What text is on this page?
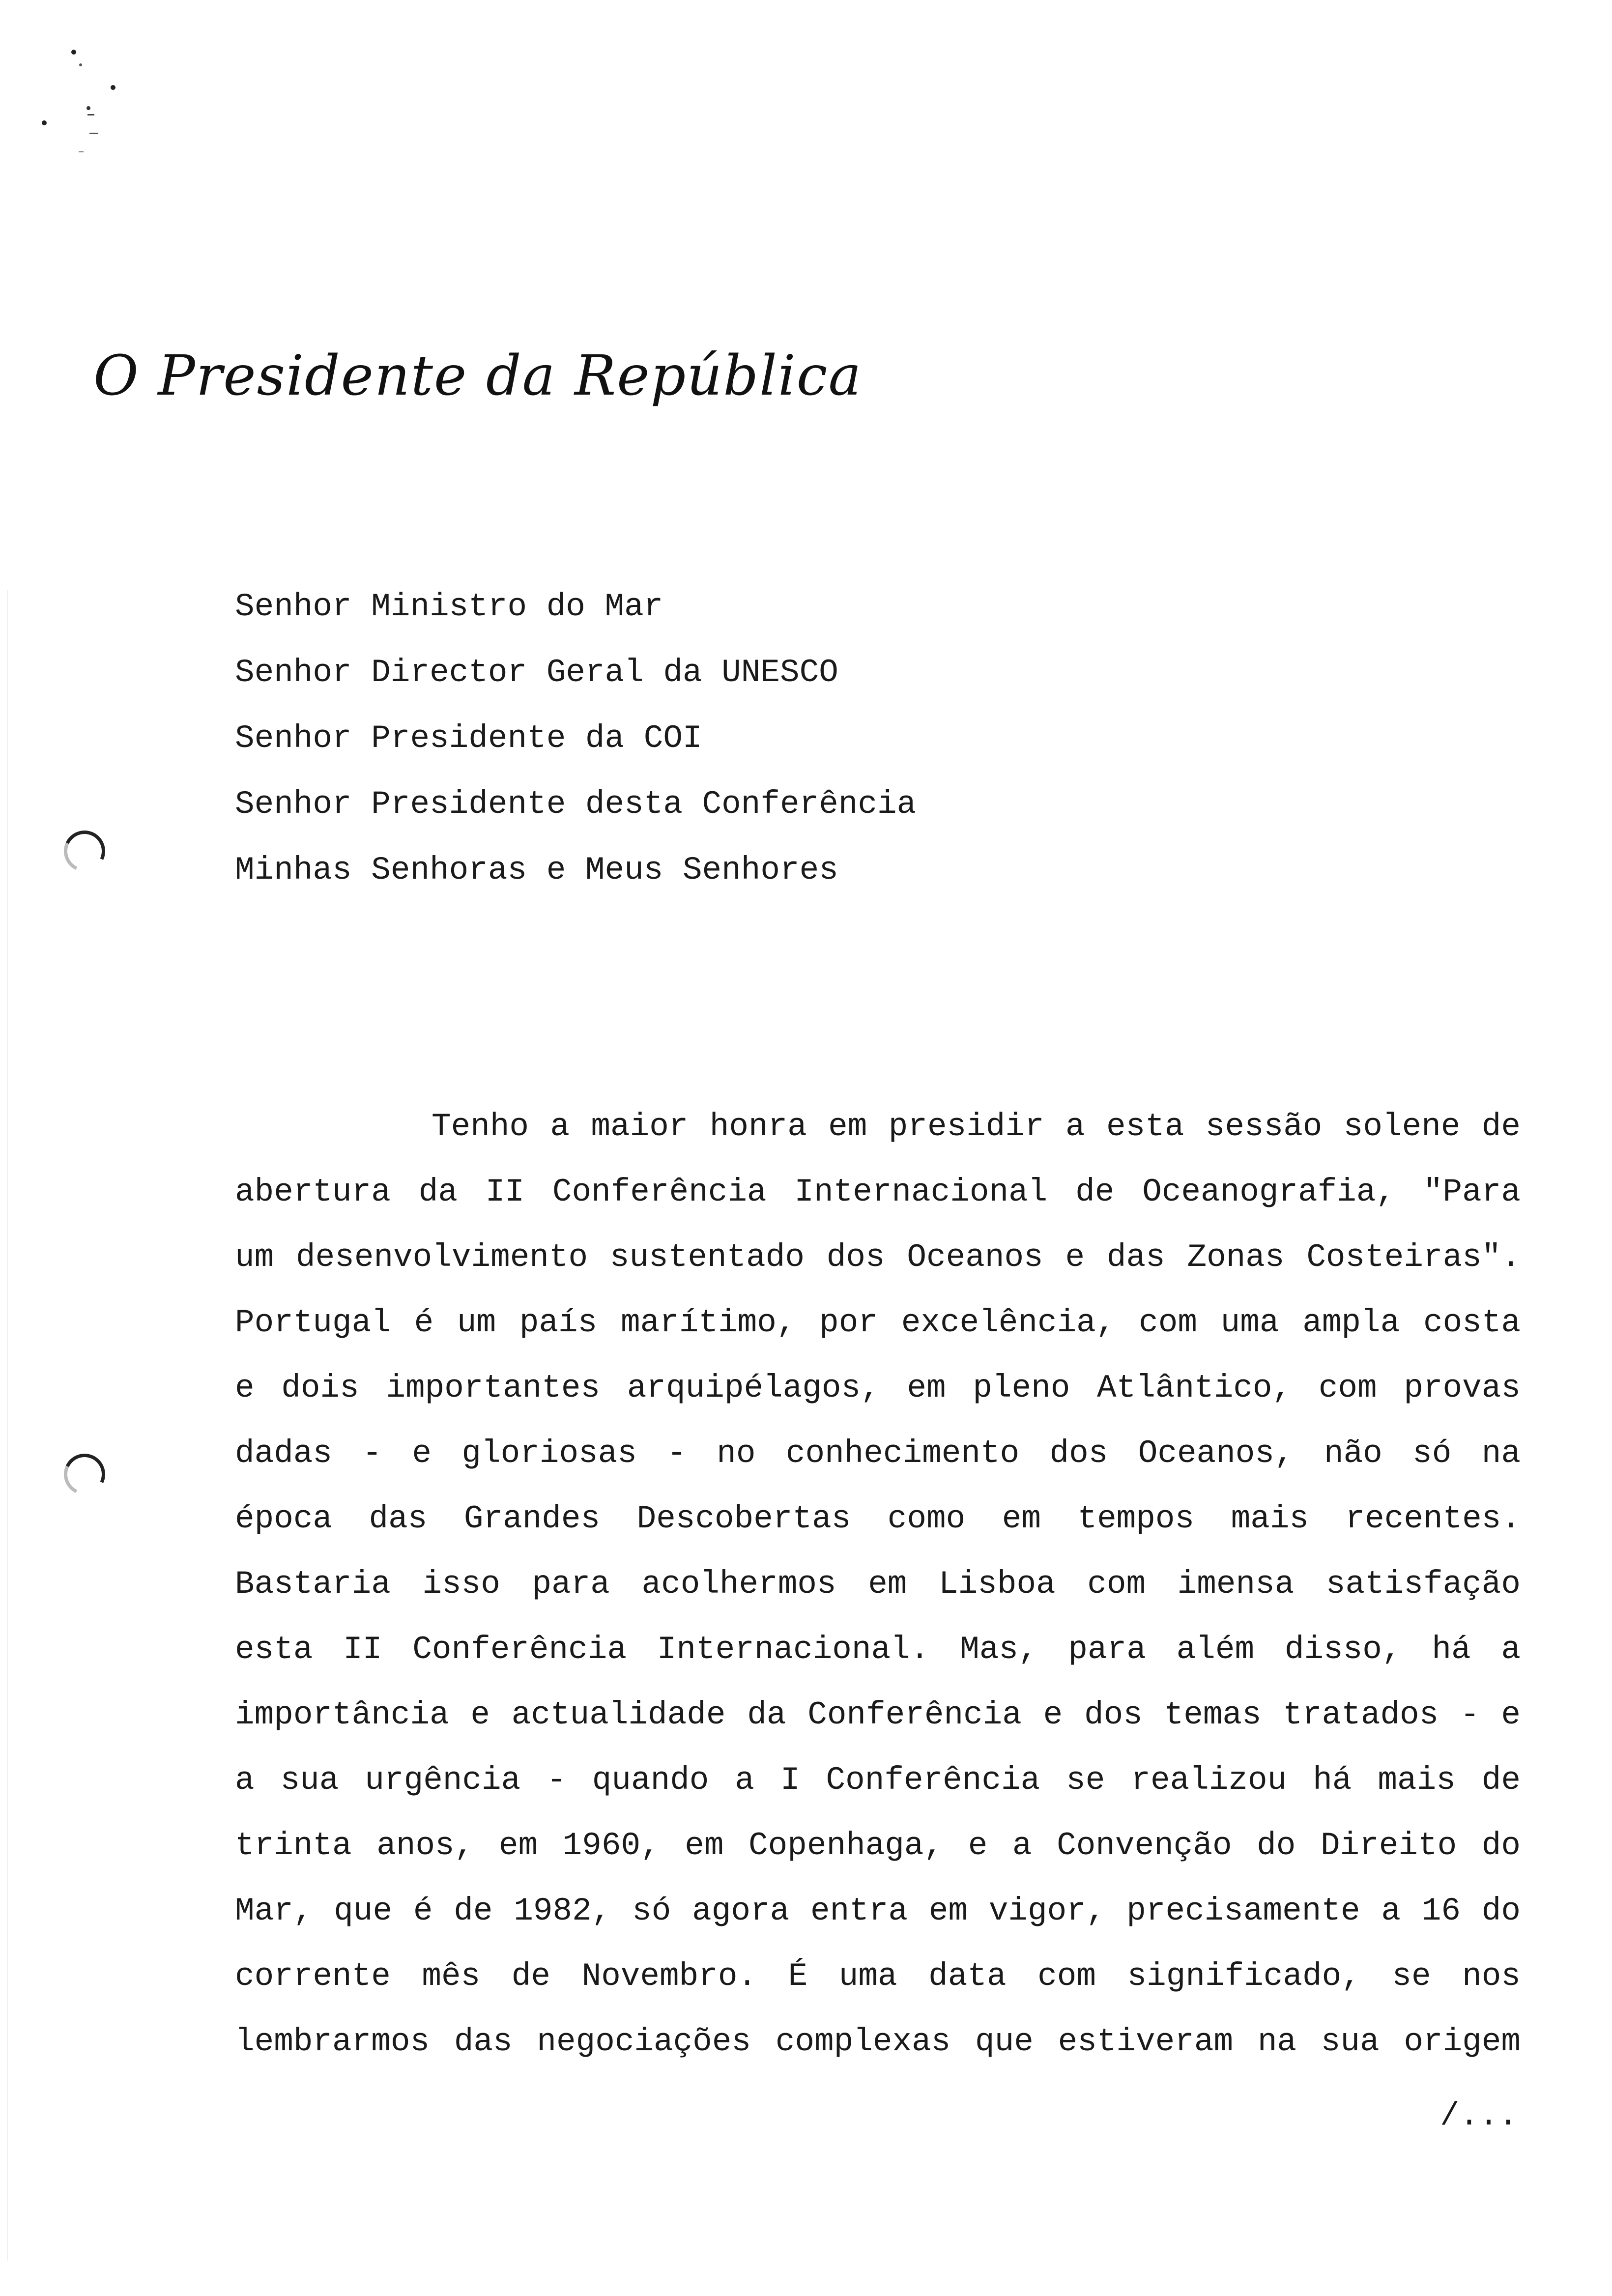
O Presidente da República
Senhor Ministro do Mar
Senhor Director Geral da UNESCO
Senhor Presidente da COI
Senhor Presidente desta Conferência
Minhas Senhoras e Meus Senhores
Tenho a maior honra em presidir a esta sessão solene de
abertura da II Conferência Internacional de Oceanografia, "Para
um desenvolvimento sustentado dos Oceanos e das Zonas Costeiras".
Portugal é um país marítimo, por excelência, com uma ampla costa
e dois importantes arquipélagos, em pleno Atlântico, com provas
dadas - e gloriosas - no conhecimento dos Oceanos, não só na
época das Grandes Descobertas como em tempos mais recentes.
Bastaria isso para acolhermos em Lisboa com imensa satisfação
esta II Conferência Internacional. Mas, para além disso, há a
importância e actualidade da Conferência e dos temas tratados - e
a sua urgência - quando a I Conferência se realizou há mais de
trinta anos, em 1960, em Copenhaga, e a Convenção do Direito do
Mar, que é de 1982, só agora entra em vigor, precisamente a 16 do
corrente mês de Novembro. É uma data com significado, se nos
lembrarmos das negociações complexas que estiveram na sua origem
/...
